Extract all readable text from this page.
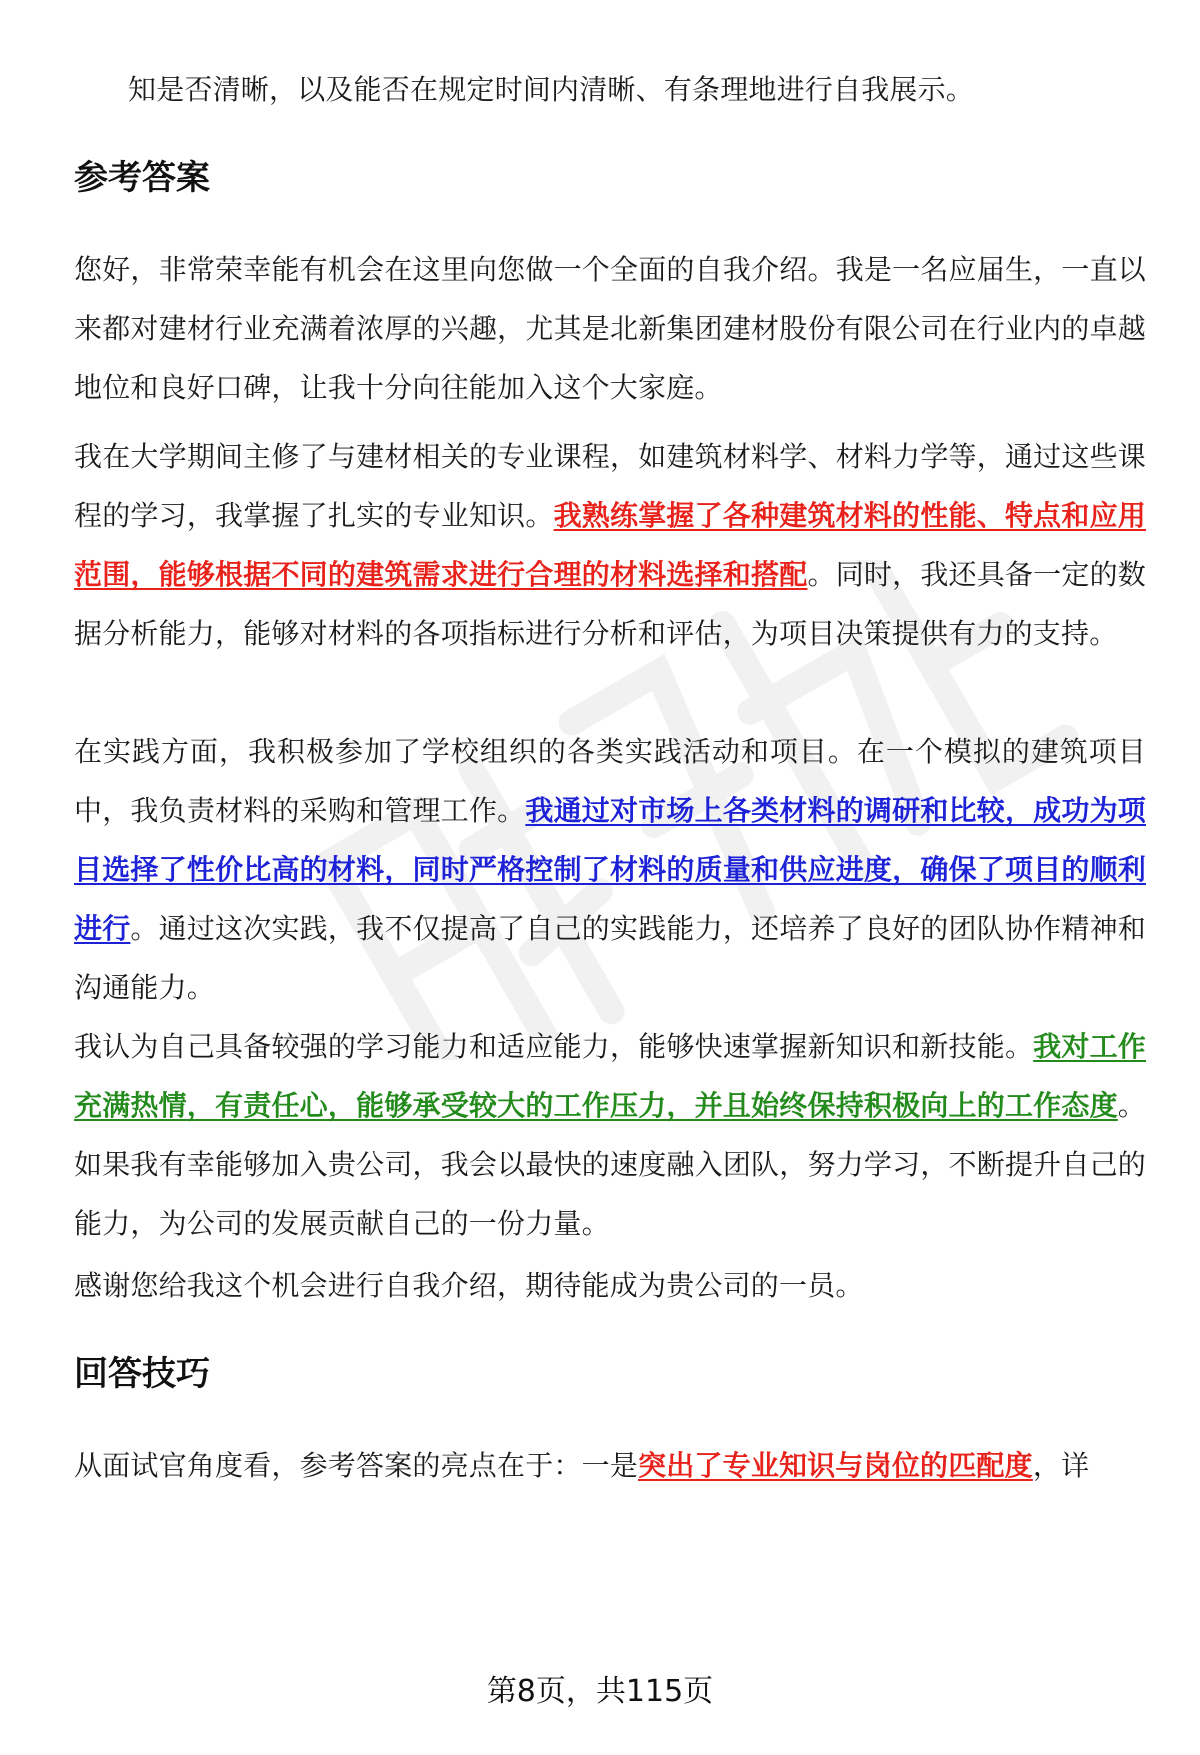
知是否清晰，以及能否在规定时间内清晰、有条理地进行自我展示。

参考答案

您好，非常荣幸能有机会在这里向您做一个全面的自我介绍。我是一名应届生，一直以来都对建材行业充满着浓厚的兴趣，尤其是北新集团建材股份有限公司在行业内的卓越地位和良好口碑，让我十分向往能加入这个大家庭。

我在大学期间主修了与建材相关的专业课程，如建筑材料学、材料力学等，通过这些课程的学习，我掌握了扎实的专业知识。我熟练掌握了各种建筑材料的性能、特点和应用范围，能够根据不同的建筑需求进行合理的材料选择和搭配。同时，我还具备一定的数据分析能力，能够对材料的各项指标进行分析和评估，为项目决策提供有力的支持。

在实践方面，我积极参加了学校组织的各类实践活动和项目。在一个模拟的建筑项目中，我负责材料的采购和管理工作。我通过对市场上各类材料的调研和比较，成功为项目选择了性价比高的材料，同时严格控制了材料的质量和供应进度，确保了项目的顺利进行。通过这次实践，我不仅提高了自己的实践能力，还培养了良好的团队协作精神和沟通能力。

我认为自己具备较强的学习能力和适应能力，能够快速掌握新知识和新技能。我对工作充满热情，有责任心，能够承受较大的工作压力，并且始终保持积极向上的工作态度。如果我有幸能够加入贵公司，我会以最快的速度融入团队，努力学习，不断提升自己的能力，为公司的发展贡献自己的一份力量。

感谢您给我这个机会进行自我介绍，期待能成为贵公司的一员。

回答技巧

从面试官角度看，参考答案的亮点在于：一是突出了专业知识与岗位的匹配度，详

第8页，共115页
